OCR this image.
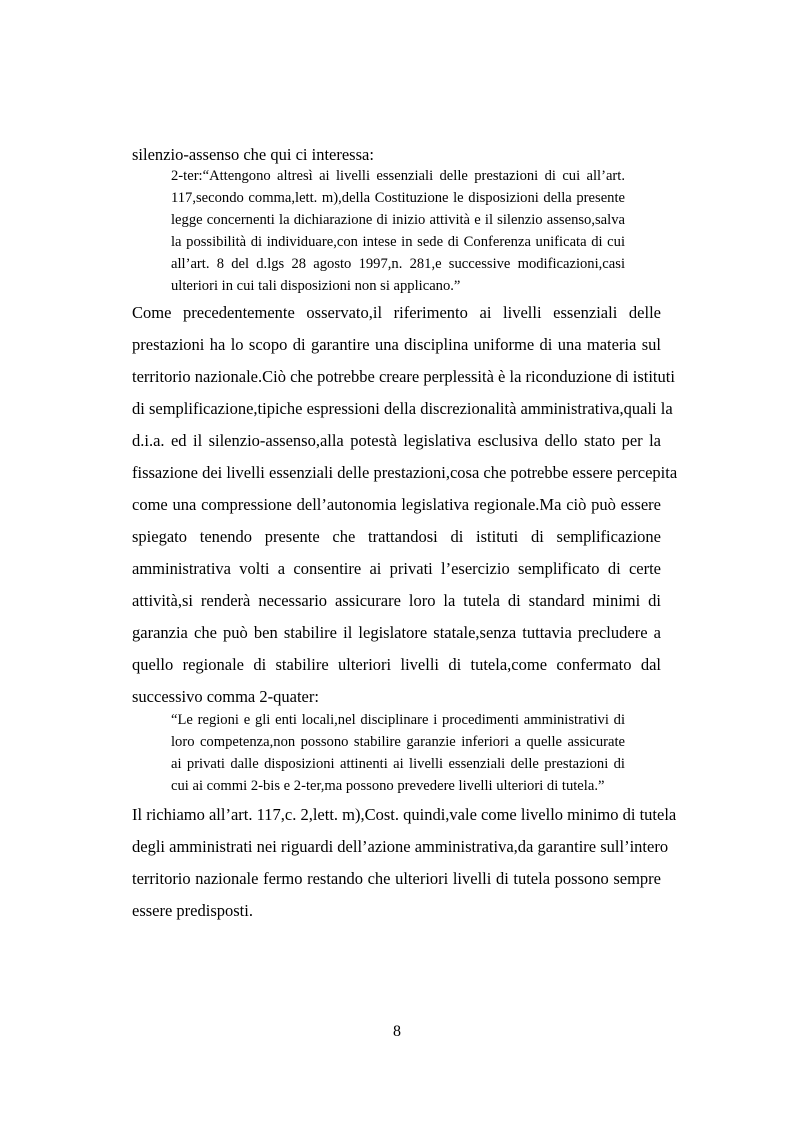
silenzio-assenso che qui ci interessa:
2-ter:“Attengono altresì ai livelli essenziali delle prestazioni di cui all’art.
117,secondo comma,lett. m),della Costituzione le disposizioni della presente
legge concernenti la dichiarazione di inizio attività e il silenzio assenso,salva
la possibilità di individuare,con intese in sede di Conferenza unificata di cui
all’art. 8 del d.lgs 28 agosto 1997,n. 281,e successive modificazioni,casi
ulteriori in cui tali disposizioni non si applicano.”
Come precedentemente osservato,il riferimento ai livelli essenziali delle
prestazioni ha lo scopo di garantire una disciplina uniforme di una materia sul
territorio nazionale.Ciò che potrebbe creare perplessità è la riconduzione di istituti
di semplificazione,tipiche espressioni della discrezionalità amministrativa,quali la
d.i.a. ed il silenzio-assenso,alla potestà legislativa esclusiva dello stato per la
fissazione dei livelli essenziali delle prestazioni,cosa che potrebbe essere percepita
come una compressione dell’autonomia legislativa regionale.Ma ciò può essere
spiegato tenendo presente che trattandosi di istituti di semplificazione
amministrativa volti a consentire ai privati l’esercizio semplificato di certe
attività,si renderà necessario assicurare loro la tutela di standard minimi di
garanzia che può ben stabilire il legislatore statale,senza tuttavia precludere a
quello regionale di stabilire ulteriori livelli di tutela,come confermato dal
successivo comma 2-quater:
“Le regioni e gli enti locali,nel disciplinare i procedimenti amministrativi di
loro competenza,non possono stabilire garanzie inferiori a quelle assicurate
ai privati dalle disposizioni attinenti ai livelli essenziali delle prestazioni di
cui ai commi 2-bis e 2-ter,ma possono prevedere livelli ulteriori di tutela.”
Il richiamo all’art. 117,c. 2,lett. m),Cost. quindi,vale come livello minimo di tutela
degli amministrati nei riguardi dell’azione amministrativa,da garantire sull’intero
territorio nazionale fermo restando che ulteriori livelli di tutela possono sempre
essere predisposti.
8
